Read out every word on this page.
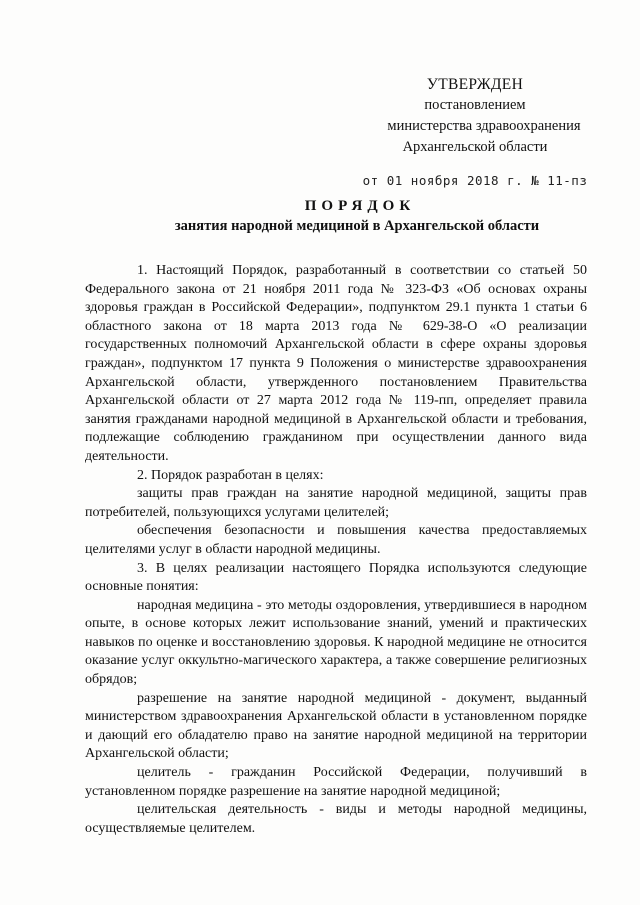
УТВЕРЖДЕН
постановлением
министерства здравоохранения
Архангельской области
от 01 ноября 2018 г. № 11-пз
ПОРЯДОК
занятия народной медициной в Архангельской области

1. Настоящий Порядок, разработанный в соответствии со статьей 50 Федерального закона от 21 ноября 2011 года № 323-ФЗ «Об основах охраны здоровья граждан в Российской Федерации», подпунктом 29.1 пункта 1 статьи 6 областного закона от 18 марта 2013 года № 629-38-О «О реализации государственных полномочий Архангельской области в сфере охраны здоровья граждан», подпунктом 17 пункта 9 Положения о министерстве здравоохранения Архангельской области, утвержденного постановлением Правительства Архангельской области от 27 марта 2012 года № 119-пп, определяет правила занятия гражданами народной медициной в Архангельской области и требования, подлежащие соблюдению гражданином при осуществлении данного вида деятельности.

2. Порядок разработан в целях:

защиты прав граждан на занятие народной медициной, защиты прав потребителей, пользующихся услугами целителей;

обеспечения безопасности и повышения качества предоставляемых целителями услуг в области народной медицины.

3. В целях реализации настоящего Порядка используются следующие основные понятия:

народная медицина - это методы оздоровления, утвердившиеся в народном опыте, в основе которых лежит использование знаний, умений и практических навыков по оценке и восстановлению здоровья. К народной медицине не относится оказание услуг оккультно-магического характера, а также совершение религиозных обрядов;

разрешение на занятие народной медициной - документ, выданный министерством здравоохранения Архангельской области в установленном порядке и дающий его обладателю право на занятие народной медициной на территории Архангельской области;

целитель - гражданин Российской Федерации, получивший в установленном порядке разрешение на занятие народной медициной;

целительская деятельность - виды и методы народной медицины, осуществляемые целителем.
